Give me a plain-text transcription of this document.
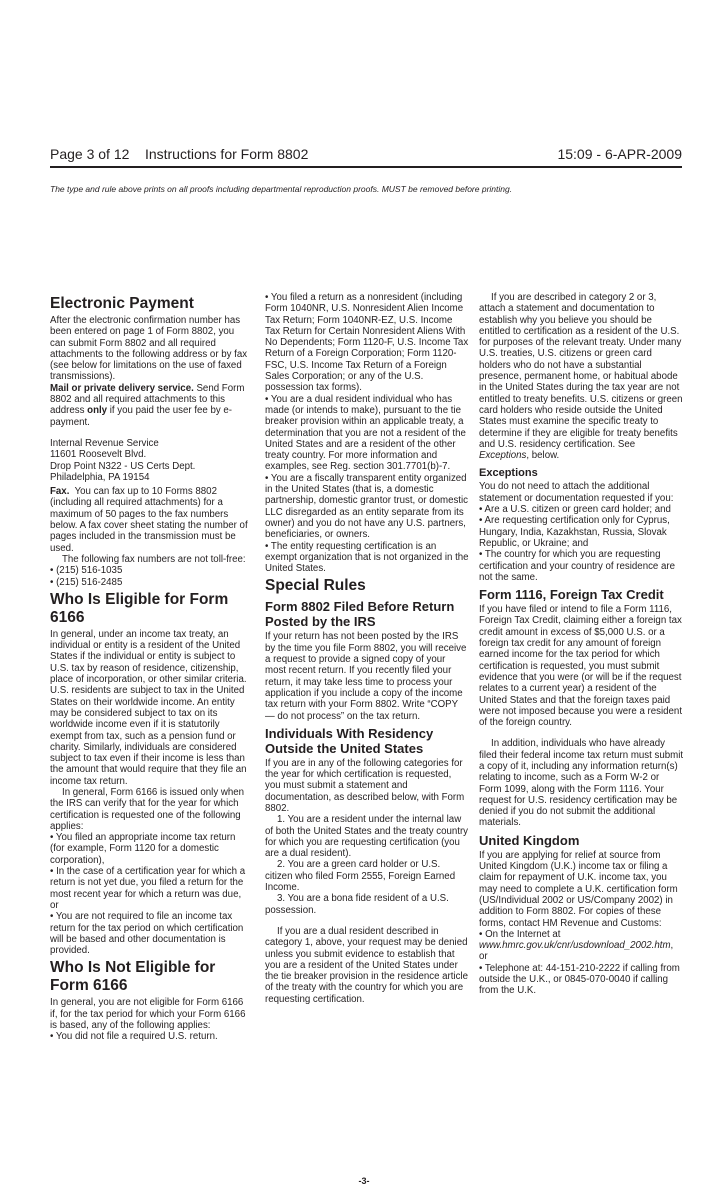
Page 3 of 12    Instructions for Form 8802	15:09 - 6-APR-2009
The type and rule above prints on all proofs including departmental reproduction proofs. MUST be removed before printing.
Electronic Payment

After the electronic confirmation number has been entered on page 1 of Form 8802, you can submit Form 8802 and all required attachments to the following address or by fax (see below for limitations on the use of faxed transmissions).

Mail or private delivery service. Send Form 8802 and all required attachments to this address only if you paid the user fee by e-payment.

Internal Revenue Service

11601 Roosevelt Blvd.

Drop Point N322 - US Certs Dept.

Philadelphia, PA 19154

Fax.  You can fax up to 10 Forms 8802 (including all required attachments) for a maximum of 50 pages to the fax numbers below. A fax cover sheet stating the number of pages included in the transmission must be used.

The following fax numbers are not toll-free:

• (215) 516-1035

• (215) 516-2485

Who Is Eligible for Form 6166

In general, under an income tax treaty, an individual or entity is a resident of the United States if the individual or entity is subject to U.S. tax by reason of residence, citizenship, place of incorporation, or other similar criteria. U.S. residents are subject to tax in the United States on their worldwide income. An entity may be considered subject to tax on its worldwide income even if it is statutorily exempt from tax, such as a pension fund or charity. Similarly, individuals are considered subject to tax even if their income is less than the amount that would require that they file an income tax return.

In general, Form 6166 is issued only when the IRS can verify that for the year for which certification is requested one of the following applies:

• You filed an appropriate income tax return (for example, Form 1120 for a domestic corporation),

• In the case of a certification year for which a return is not yet due, you filed a return for the most recent year for which a return was due, or

• You are not required to file an income tax return for the tax period on which certification will be based and other documentation is provided.

Who Is Not Eligible for Form 6166

In general, you are not eligible for Form 6166 if, for the tax period for which your Form 6166 is based, any of the following applies:

• You did not file a required U.S. return.

• You filed a return as a nonresident (including Form 1040NR, U.S. Nonresident Alien Income Tax Return; Form 1040NR-EZ, U.S. Income Tax Return for Certain Nonresident Aliens With No Dependents; Form 1120-F, U.S. Income Tax Return of a Foreign Corporation; Form 1120-FSC, U.S. Income Tax Return of a Foreign Sales Corporation; or any of the U.S. possession tax forms).

• You are a dual resident individual who has made (or intends to make), pursuant to the tie breaker provision within an applicable treaty, a determination that you are not a resident of the United States and are a resident of the other treaty country. For more information and examples, see Reg. section 301.7701(b)-7.

• You are a fiscally transparent entity organized in the United States (that is, a domestic partnership, domestic grantor trust, or domestic LLC disregarded as an entity separate from its owner) and you do not have any U.S. partners, beneficiaries, or owners.

• The entity requesting certification is an exempt organization that is not organized in the United States.

Special Rules
Form 8802 Filed Before Return Posted by the IRS

If your return has not been posted by the IRS by the time you file Form 8802, you will receive a request to provide a signed copy of your most recent return. If you recently filed your return, it may take less time to process your application if you include a copy of the income tax return with your Form 8802. Write “COPY — do not process” on the tax return.

Individuals With Residency Outside the United States

If you are in any of the following categories for the year for which certification is requested, you must submit a statement and documentation, as described below, with Form 8802.

1. You are a resident under the internal law of both the United States and the treaty country for which you are requesting certification (you are a dual resident).

2. You are a green card holder or U.S. citizen who filed Form 2555, Foreign Earned Income.

3. You are a bona fide resident of a U.S. possession.

If you are a dual resident described in category 1, above, your request may be denied unless you submit evidence to establish that you are a resident of the United States under the tie breaker provision in the residence article of the treaty with the country for which you are requesting certification.

If you are described in category 2 or 3, attach a statement and documentation to establish why you believe you should be entitled to certification as a resident of the U.S. for purposes of the relevant treaty. Under many U.S. treaties, U.S. citizens or green card holders who do not have a substantial presence, permanent home, or habitual abode in the United States during the tax year are not entitled to treaty benefits. U.S. citizens or green card holders who reside outside the United States must examine the specific treaty to determine if they are eligible for treaty benefits and U.S. residency certification. See Exceptions, below.

Exceptions

You do not need to attach the additional statement or documentation requested if you:

• Are a U.S. citizen or green card holder; and

• Are requesting certification only for Cyprus, Hungary, India, Kazakhstan, Russia, Slovak Republic, or Ukraine; and

• The country for which you are requesting certification and your country of residence are not the same.

Form 1116, Foreign Tax Credit

If you have filed or intend to file a Form 1116, Foreign Tax Credit, claiming either a foreign tax credit amount in excess of $5,000 U.S. or a foreign tax credit for any amount of foreign earned income for the tax period for which certification is requested, you must submit evidence that you were (or will be if the request relates to a current year) a resident of the United States and that the foreign taxes paid were not imposed because you were a resident of the foreign country.

In addition, individuals who have already filed their federal income tax return must submit a copy of it, including any information return(s) relating to income, such as a Form W-2 or Form 1099, along with the Form 1116. Your request for U.S. residency certification may be denied if you do not submit the additional materials.

United Kingdom

If you are applying for relief at source from United Kingdom (U.K.) income tax or filing a claim for repayment of U.K. income tax, you may need to complete a U.K. certification form (US/Individual 2002 or US/Company 2002) in addition to Form 8802. For copies of these forms, contact HM Revenue and Customs:

• On the Internet at www.hmrc.gov.uk/cnr/usdownload_2002.htm, or

• Telephone at: 44-151-210-2222 if calling from outside the U.K., or 0845-070-0040 if calling from the U.K.

-3-
